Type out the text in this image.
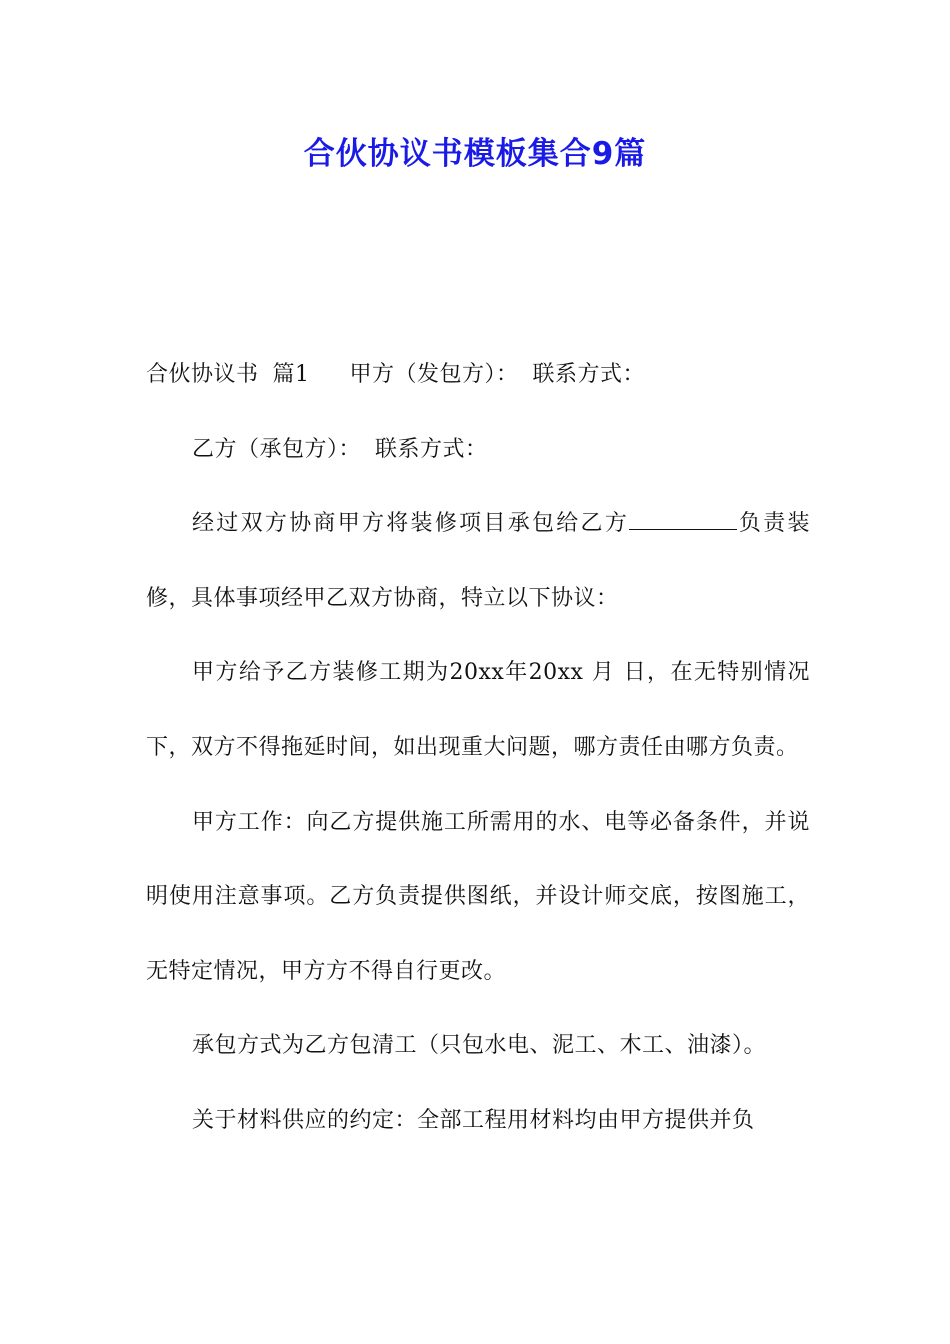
合伙协议书模板集合9篇

合伙协议书 篇1 甲方（发包方）： 联系方式：

乙方（承包方）： 联系方式：

经过双方协商甲方将装修项目承包给乙方	负责装修，具体事项经甲乙双方协商，特立以下协议：

甲方给予乙方装修工期为20xx年20xx 月 日，在无特别情况下，双方不得拖延时间，如出现重大问题，哪方责任由哪方负责。

甲方工作：向乙方提供施工所需用的水、电等必备条件，并说明使用注意事项。乙方负责提供图纸，并设计师交底，按图施工，无特定情况，甲方方不得自行更改。

承包方式为乙方包清工（只包水电、泥工、木工、油漆）。

关于材料供应的约定：全部工程用材料均由甲方提供并负
